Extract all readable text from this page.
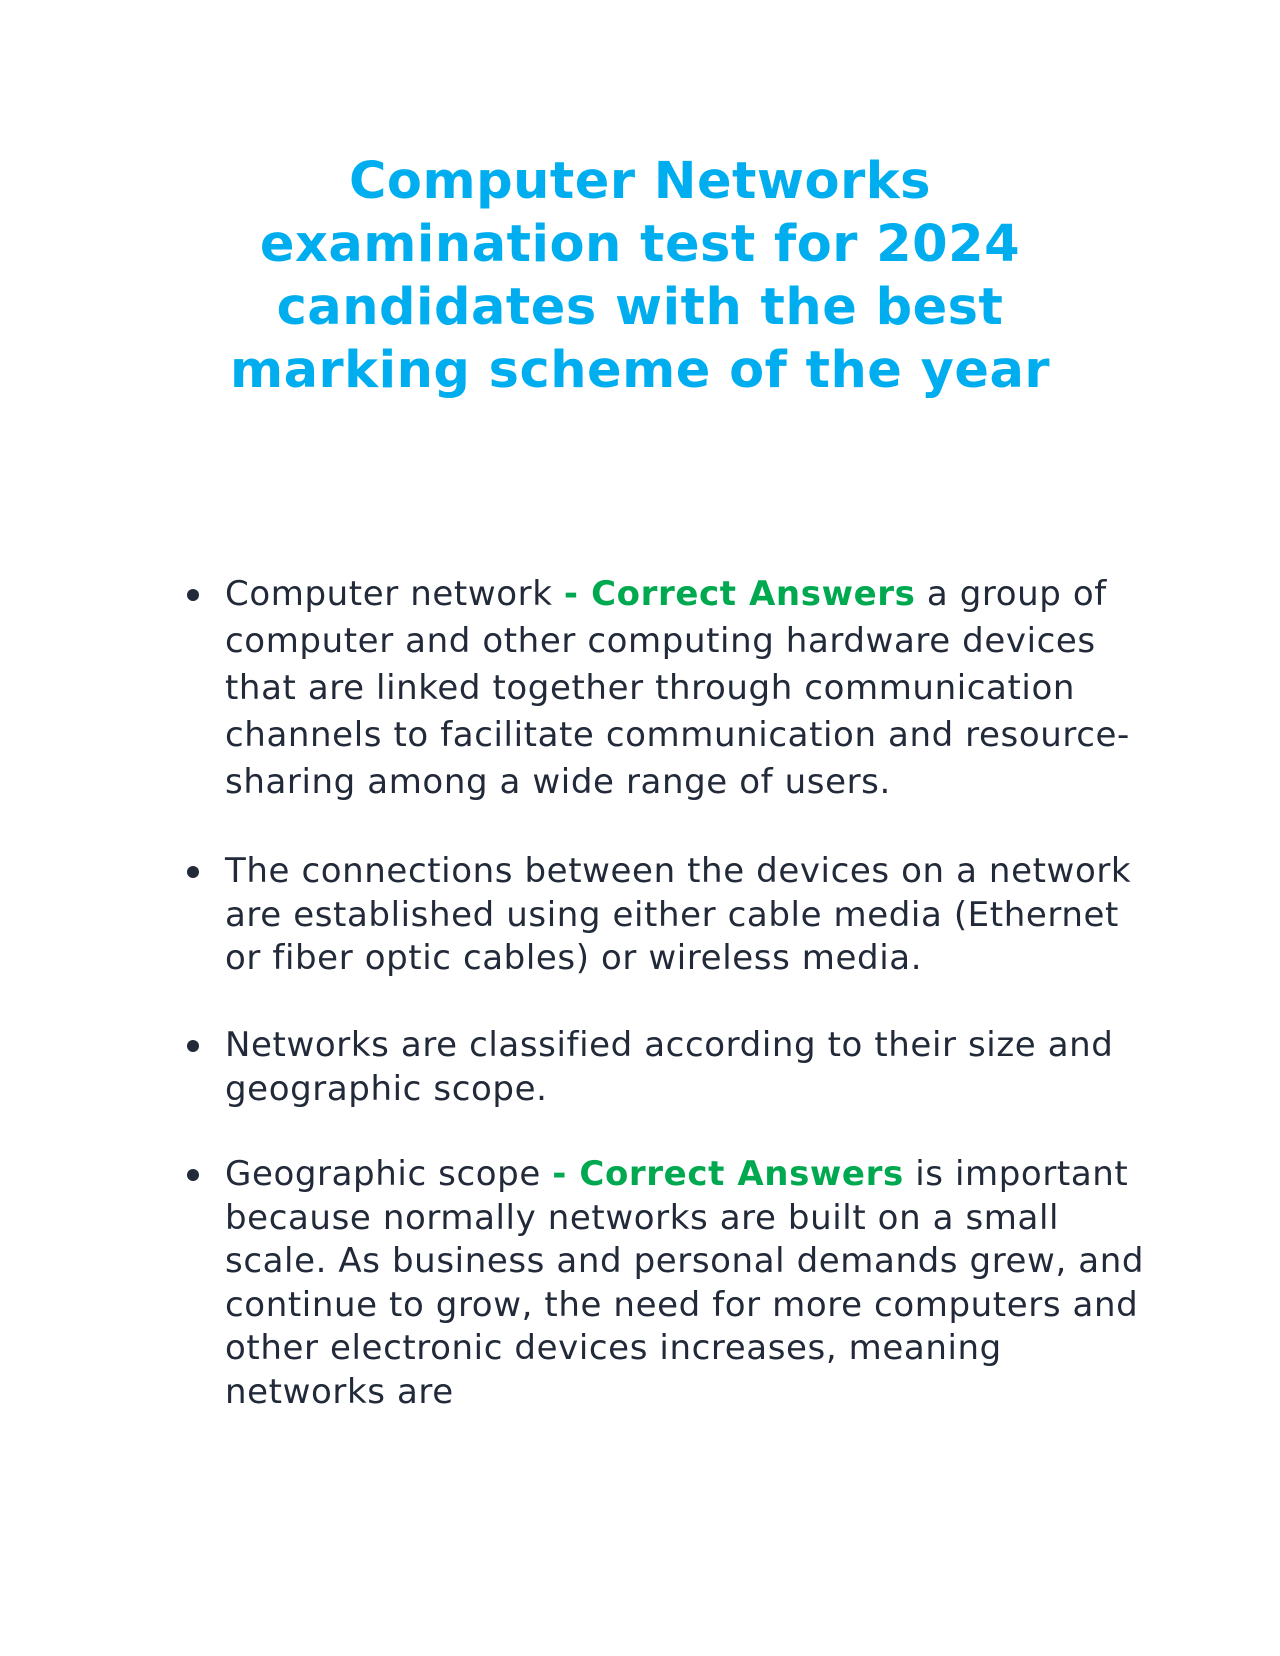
Computer Networks examination test for 2024 candidates with the best marking scheme of the year
Computer network - Correct Answers a group of computer and other computing hardware devices that are linked together through communication channels to facilitate communication and resource-sharing among a wide range of users.
The connections between the devices on a network are established using either cable media (Ethernet or fiber optic cables) or wireless media.
Networks are classified according to their size and geographic scope.
Geographic scope - Correct Answers is important because normally networks are built on a small scale. As business and personal demands grew, and continue to grow, the need for more computers and other electronic devices increases, meaning networks are
